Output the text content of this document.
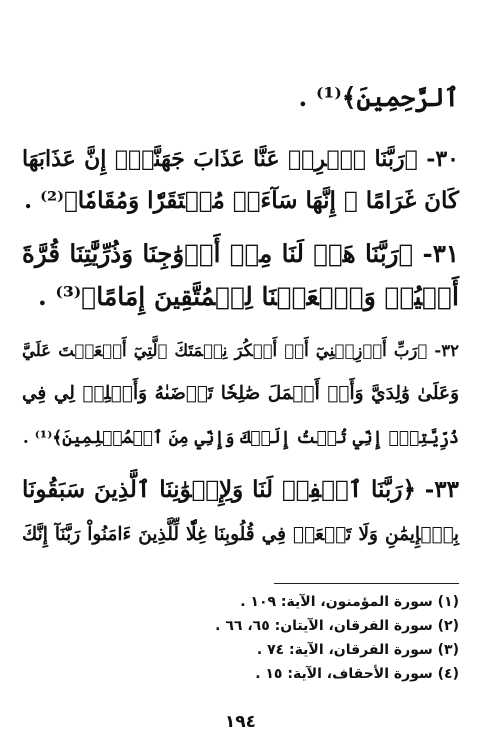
ٱلرَّحِمِينَ﴾⁽¹⁾ .
٣٠- ﴿رَبَّنَا ٱصۡرِفۡ عَنَّا عَذَابَ جَهَنَّمَۖ إِنَّ عَذَابَهَا
كَانَ غَرَامًا ۞ إِنَّهَا سَآءَتۡ مُسۡتَقَرّٗا وَمُقَامٗا﴾⁽²⁾ .
٣١- ﴿رَبَّنَا هَبۡ لَنَا مِنۡ أَزۡوَٰجِنَا وَذُرِّيَّٰتِنَا قُرَّةَ
أَعۡيُنٖ وَٱجۡعَلۡنَا لِلۡمُتَّقِينَ إِمَامًا﴾⁽³⁾ .
٣٢- ﴿رَبِّ أَوۡزِعۡنِيٓ أَنۡ أَشۡكُرَ نِعۡمَتَكَ ٱلَّتِيٓ أَنۡعَمۡتَ عَلَيَّ
وَعَلَىٰ وَٰلِدَيَّ وَأَنۡ أَعۡمَلَ صَٰلِحٗا تَرۡضَىٰهُ وَأَصۡلِحۡ لِي فِي
ذُرِّيَّتِيٓۖ إِنِّي تُبۡتُ إِلَيۡكَ وَإِنِّي مِنَ ٱلۡمُسۡلِمِينَ﴾⁽¹⁾ .
٣٣- ﴿رَبَّنَا ٱغۡفِرۡ لَنَا وَلِإِخۡوَٰنِنَا ٱلَّذِينَ سَبَقُونَا
بِٱلۡإِيمَٰنِ وَلَا تَجۡعَلۡ فِي قُلُوبِنَا غِلّٗا لِّلَّذِينَ ءَامَنُواْ رَبَّنَآ إِنَّكَ
(١) سورة المؤمنون، الآية: ١٠٩ .
(٢) سورة الفرقان، الآيتان: ٦٥، ٦٦ .
(٣) سورة الفرقان، الآية: ٧٤ .
(٤) سورة الأحقاف، الآية: ١٥ .
١٩٤
